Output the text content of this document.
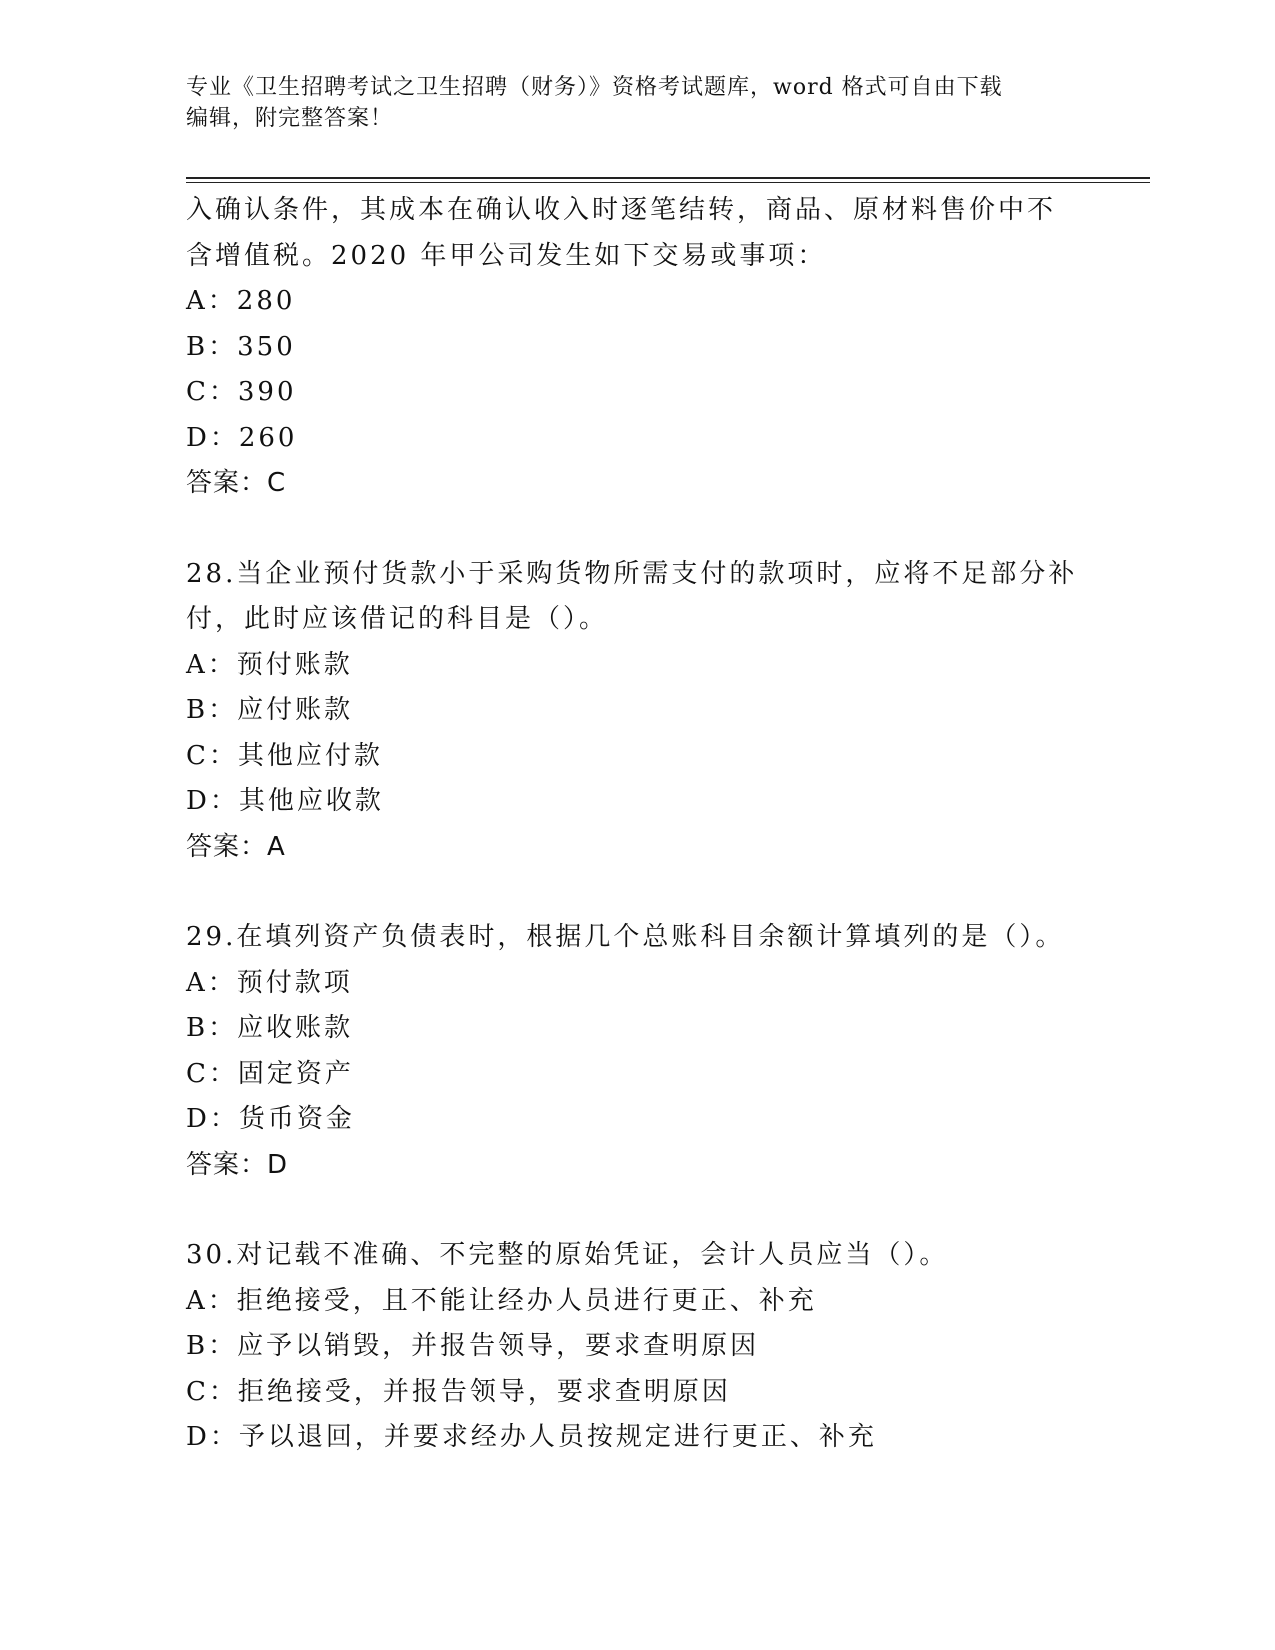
专业《卫生招聘考试之卫生招聘（财务）》资格考试题库，word 格式可自由下载
编辑，附完整答案！
入确认条件，其成本在确认收入时逐笔结转，商品、原材料售价中不
含增值税。2020 年甲公司发生如下交易或事项：
A：280
B：350
C：390
D：260
答案：C
28.当企业预付货款小于采购货物所需支付的款项时，应将不足部分补
付，此时应该借记的科目是（）。
A：预付账款
B：应付账款
C：其他应付款
D：其他应收款
答案：A
29.在填列资产负债表时，根据几个总账科目余额计算填列的是（）。
A：预付款项
B：应收账款
C：固定资产
D：货币资金
答案：D
30.对记载不准确、不完整的原始凭证，会计人员应当（）。
A：拒绝接受，且不能让经办人员进行更正、补充
B：应予以销毁，并报告领导，要求查明原因
C：拒绝接受，并报告领导，要求查明原因
D：予以退回，并要求经办人员按规定进行更正、补充
